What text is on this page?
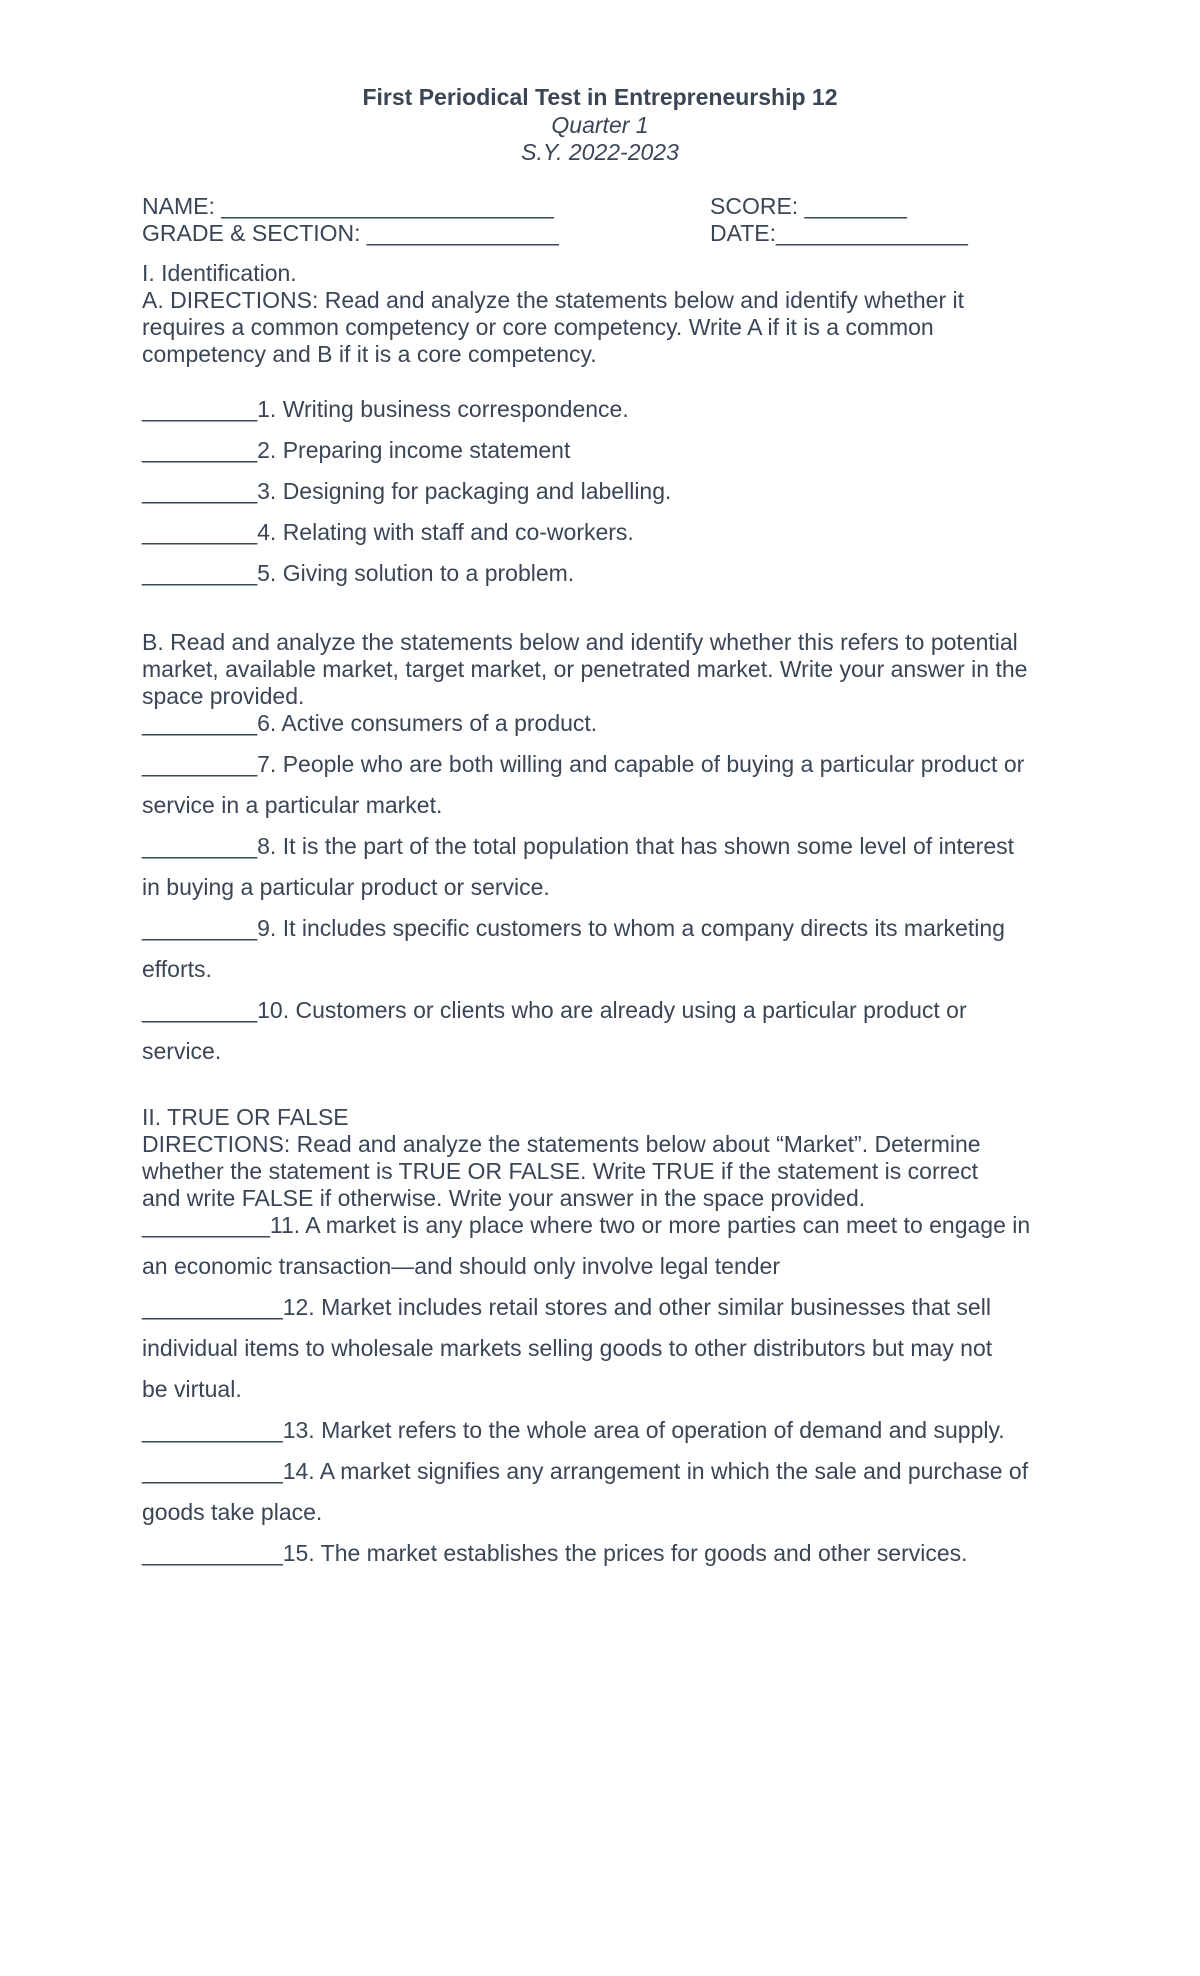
First Periodical Test in Entrepreneurship 12
Quarter 1
S.Y. 2022-2023
NAME: __________________________	SCORE: ________
GRADE & SECTION: _______________	DATE:_______________
I. Identification.
A. DIRECTIONS: Read and analyze the statements below and identify whether it
requires a common competency or core competency. Write A if it is a common
competency and B if it is a core competency.
_________1. Writing business correspondence.
_________2. Preparing income statement
_________3. Designing for packaging and labelling.
_________4. Relating with staff and co-workers.
_________5. Giving solution to a problem.
B. Read and analyze the statements below and identify whether this refers to potential
market, available market, target market, or penetrated market. Write your answer in the
space provided.
_________6. Active consumers of a product.
_________7. People who are both willing and capable of buying a particular product or
service in a particular market.
_________8. It is the part of the total population that has shown some level of interest
in buying a particular product or service.
_________9. It includes specific customers to whom a company directs its marketing
efforts.
_________10. Customers or clients who are already using a particular product or
service.
II. TRUE OR FALSE
DIRECTIONS: Read and analyze the statements below about “Market”. Determine
whether the statement is TRUE OR FALSE. Write TRUE if the statement is correct
and write FALSE if otherwise. Write your answer in the space provided.
__________11. A market is any place where two or more parties can meet to engage in
an economic transaction—and should only involve legal tender
___________12. Market includes retail stores and other similar businesses that sell
individual items to wholesale markets selling goods to other distributors but may not
be virtual.
___________13. Market refers to the whole area of operation of demand and supply.
___________14. A market signifies any arrangement in which the sale and purchase of
goods take place.
___________15. The market establishes the prices for goods and other services.
